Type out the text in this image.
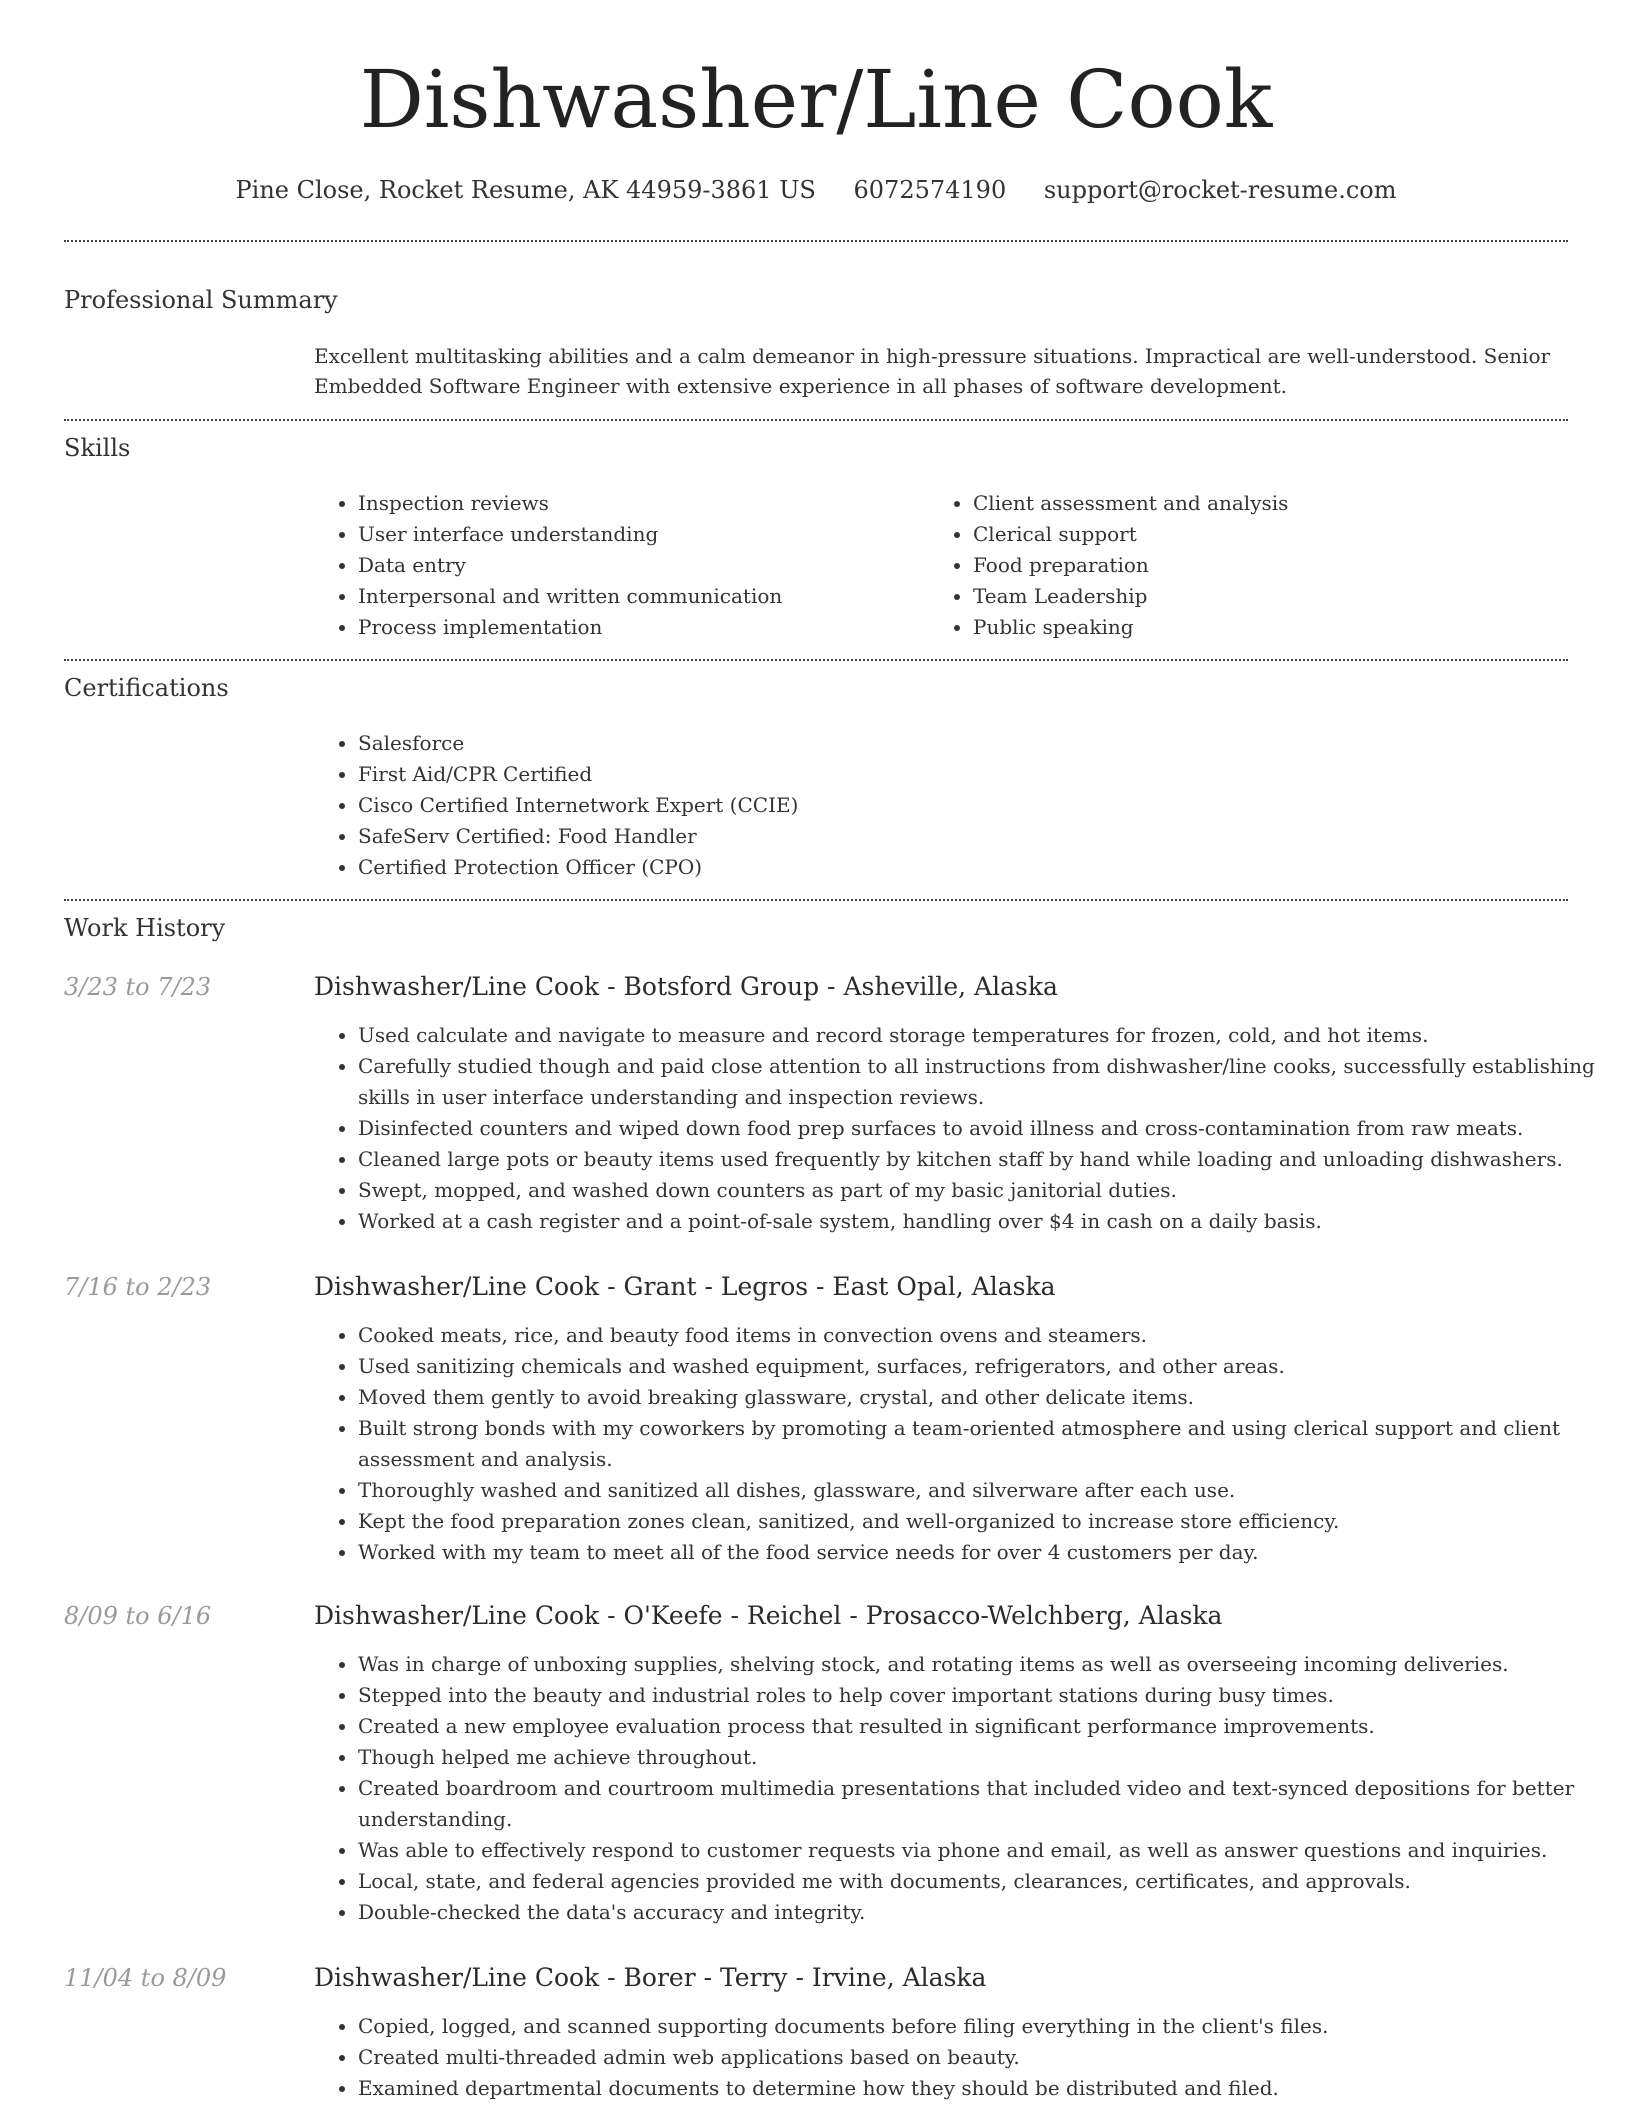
Dishwasher/Line Cook
Pine Close, Rocket Resume, AK 44959-3861 US 6072574190 support@rocket-resume.com
Professional Summary
Excellent multitasking abilities and a calm demeanor in high-pressure situations. Impractical are well-understood. Senior Embedded Software Engineer with extensive experience in all phases of software development.
Skills
• Inspection reviews
• User interface understanding
• Data entry
• Interpersonal and written communication
• Process implementation
• Client assessment and analysis
• Clerical support
• Food preparation
• Team Leadership
• Public speaking
Certifications
• Salesforce
• First Aid/CPR Certified
• Cisco Certified Internetwork Expert (CCIE)
• SafeServ Certified: Food Handler
• Certified Protection Officer (CPO)
Work History
3/23 to 7/23	Dishwasher/Line Cook - Botsford Group - Asheville, Alaska
• Used calculate and navigate to measure and record storage temperatures for frozen, cold, and hot items.
• Carefully studied though and paid close attention to all instructions from dishwasher/line cooks, successfully establishing skills in user interface understanding and inspection reviews.
• Disinfected counters and wiped down food prep surfaces to avoid illness and cross-contamination from raw meats.
• Cleaned large pots or beauty items used frequently by kitchen staff by hand while loading and unloading dishwashers.
• Swept, mopped, and washed down counters as part of my basic janitorial duties.
• Worked at a cash register and a point-of-sale system, handling over $4 in cash on a daily basis.
7/16 to 2/23	Dishwasher/Line Cook - Grant - Legros - East Opal, Alaska
• Cooked meats, rice, and beauty food items in convection ovens and steamers.
• Used sanitizing chemicals and washed equipment, surfaces, refrigerators, and other areas.
• Moved them gently to avoid breaking glassware, crystal, and other delicate items.
• Built strong bonds with my coworkers by promoting a team-oriented atmosphere and using clerical support and client assessment and analysis.
• Thoroughly washed and sanitized all dishes, glassware, and silverware after each use.
• Kept the food preparation zones clean, sanitized, and well-organized to increase store efficiency.
• Worked with my team to meet all of the food service needs for over 4 customers per day.
8/09 to 6/16	Dishwasher/Line Cook - O'Keefe - Reichel - Prosacco-Welchberg, Alaska
• Was in charge of unboxing supplies, shelving stock, and rotating items as well as overseeing incoming deliveries.
• Stepped into the beauty and industrial roles to help cover important stations during busy times.
• Created a new employee evaluation process that resulted in significant performance improvements.
• Though helped me achieve throughout.
• Created boardroom and courtroom multimedia presentations that included video and text-synced depositions for better understanding.
• Was able to effectively respond to customer requests via phone and email, as well as answer questions and inquiries.
• Local, state, and federal agencies provided me with documents, clearances, certificates, and approvals.
• Double-checked the data's accuracy and integrity.
11/04 to 8/09	Dishwasher/Line Cook - Borer - Terry - Irvine, Alaska
• Copied, logged, and scanned supporting documents before filing everything in the client's files.
• Created multi-threaded admin web applications based on beauty.
• Examined departmental documents to determine how they should be distributed and filed.
